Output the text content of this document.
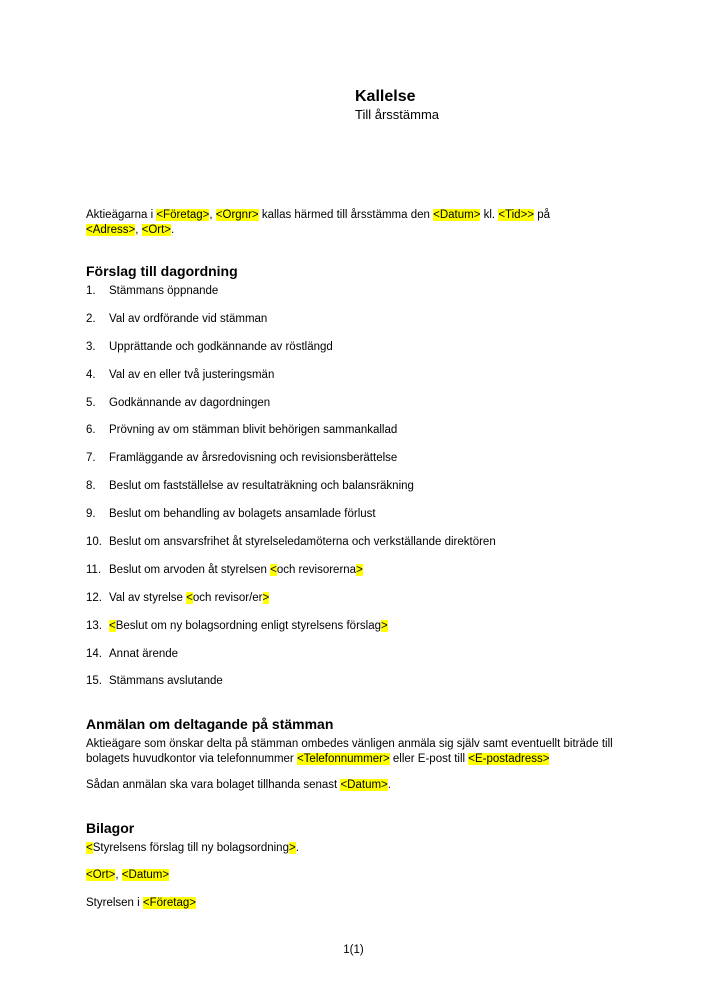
Kallelse
Till årsstämma
Aktieägarna i <Företag>, <Orgnr> kallas härmed till årsstämma den <Datum> kl. <Tid>> på
<Adress>, <Ort>.
Förslag till dagordning
1.	Stämmans öppnande
2.	Val av ordförande vid stämman
3.	Upprättande och godkännande av röstlängd
4.	Val av en eller två justeringsmän
5.	Godkännande av dagordningen
6.	Prövning av om stämman blivit behörigen sammankallad
7.	Framläggande av årsredovisning och revisionsberättelse
8.	Beslut om fastställelse av resultaträkning och balansräkning
9.	Beslut om behandling av bolagets ansamlade förlust
10. Beslut om ansvarsfrihet åt styrelseledamöterna och verkställande direktören
11. Beslut om arvoden åt styrelsen <och revisorerna>
12. Val av styrelse <och revisor/er>
13. <Beslut om ny bolagsordning enligt styrelsens förslag>
14. Annat ärende
15. Stämmans avslutande
Anmälan om deltagande på stämman
Aktieägare som önskar delta på stämman ombedes vänligen anmäla sig själv samt eventuellt biträde till bolagets huvudkontor via telefonnummer <Telefonnummer> eller E-post till <E-postadress>
Sådan anmälan ska vara bolaget tillhanda senast <Datum>.
Bilagor
<Styrelsens förslag till ny bolagsordning>.
<Ort>, <Datum>
Styrelsen i <Företag>
1(1)
